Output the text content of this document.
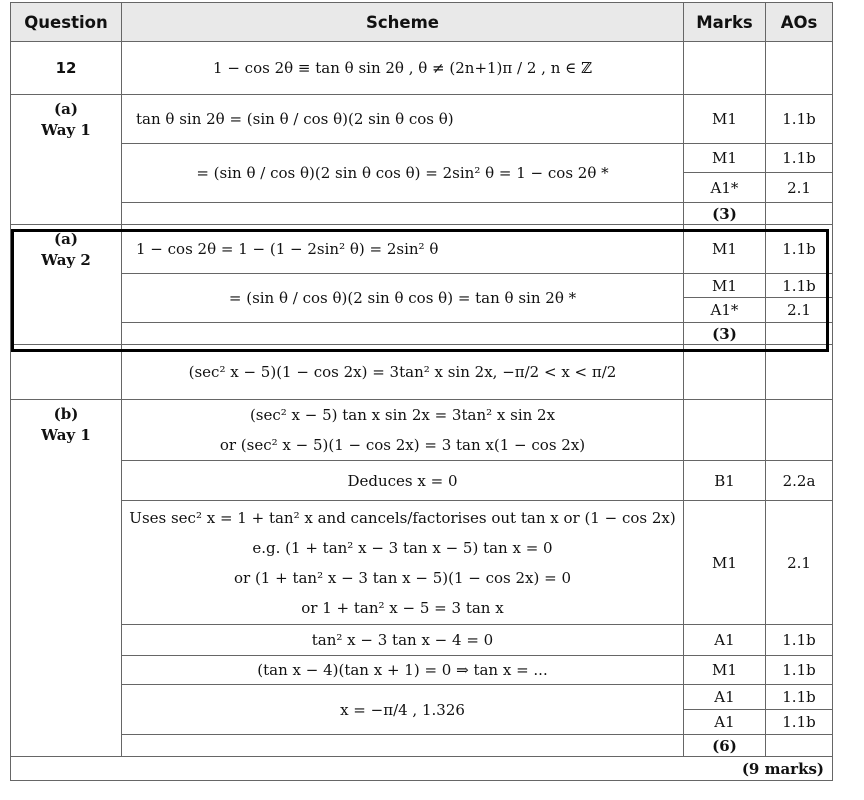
Question	Scheme	Marks	AOs
12	1 − cos 2θ ≡ tan θ sin 2θ , θ ≠ (2n+1)π / 2 , n ∈ ℤ		
(a)
Way 1	tan θ sin 2θ = (sin θ / cos θ)(2 sin θ cos θ)	M1	1.1b
	= (sin θ / cos θ)(2 sin θ cos θ) = 2sin² θ = 1 − cos 2θ *	M1	1.1b
		A1*	2.1
		(3)	
(a)
Way 2	1 − cos 2θ = 1 − (1 − 2sin² θ) = 2sin² θ	M1	1.1b
	= (sin θ / cos θ)(2 sin θ cos θ) = tan θ sin 2θ *	M1	1.1b
		A1*	2.1
		(3)	
	(sec² x − 5)(1 − cos 2x) = 3tan² x sin 2x, −π/2 < x < π/2		
(b)
Way 1	(sec² x − 5) tan x sin 2x = 3tan² x sin 2x
or (sec² x − 5)(1 − cos 2x) = 3 tan x(1 − cos 2x)		

	Deduces x = 0	B1	2.2a

	Uses sec² x = 1 + tan² x and cancels/factorises out tan x or (1 − cos 2x)
e.g. (1 + tan² x − 3 tan x − 5) tan x = 0
or (1 + tan² x − 3 tan x − 5)(1 − cos 2x) = 0
or 1 + tan² x − 5 = 3 tan x	M1	2.1
	tan² x − 3 tan x − 4 = 0	A1	1.1b
	(tan x − 4)(tan x + 1) = 0 ⇒ tan x = ...	M1	1.1b
	x = −π/4 , 1.326	A1	1.1b
		A1	1.1b
		(6)	
(9 marks)			
